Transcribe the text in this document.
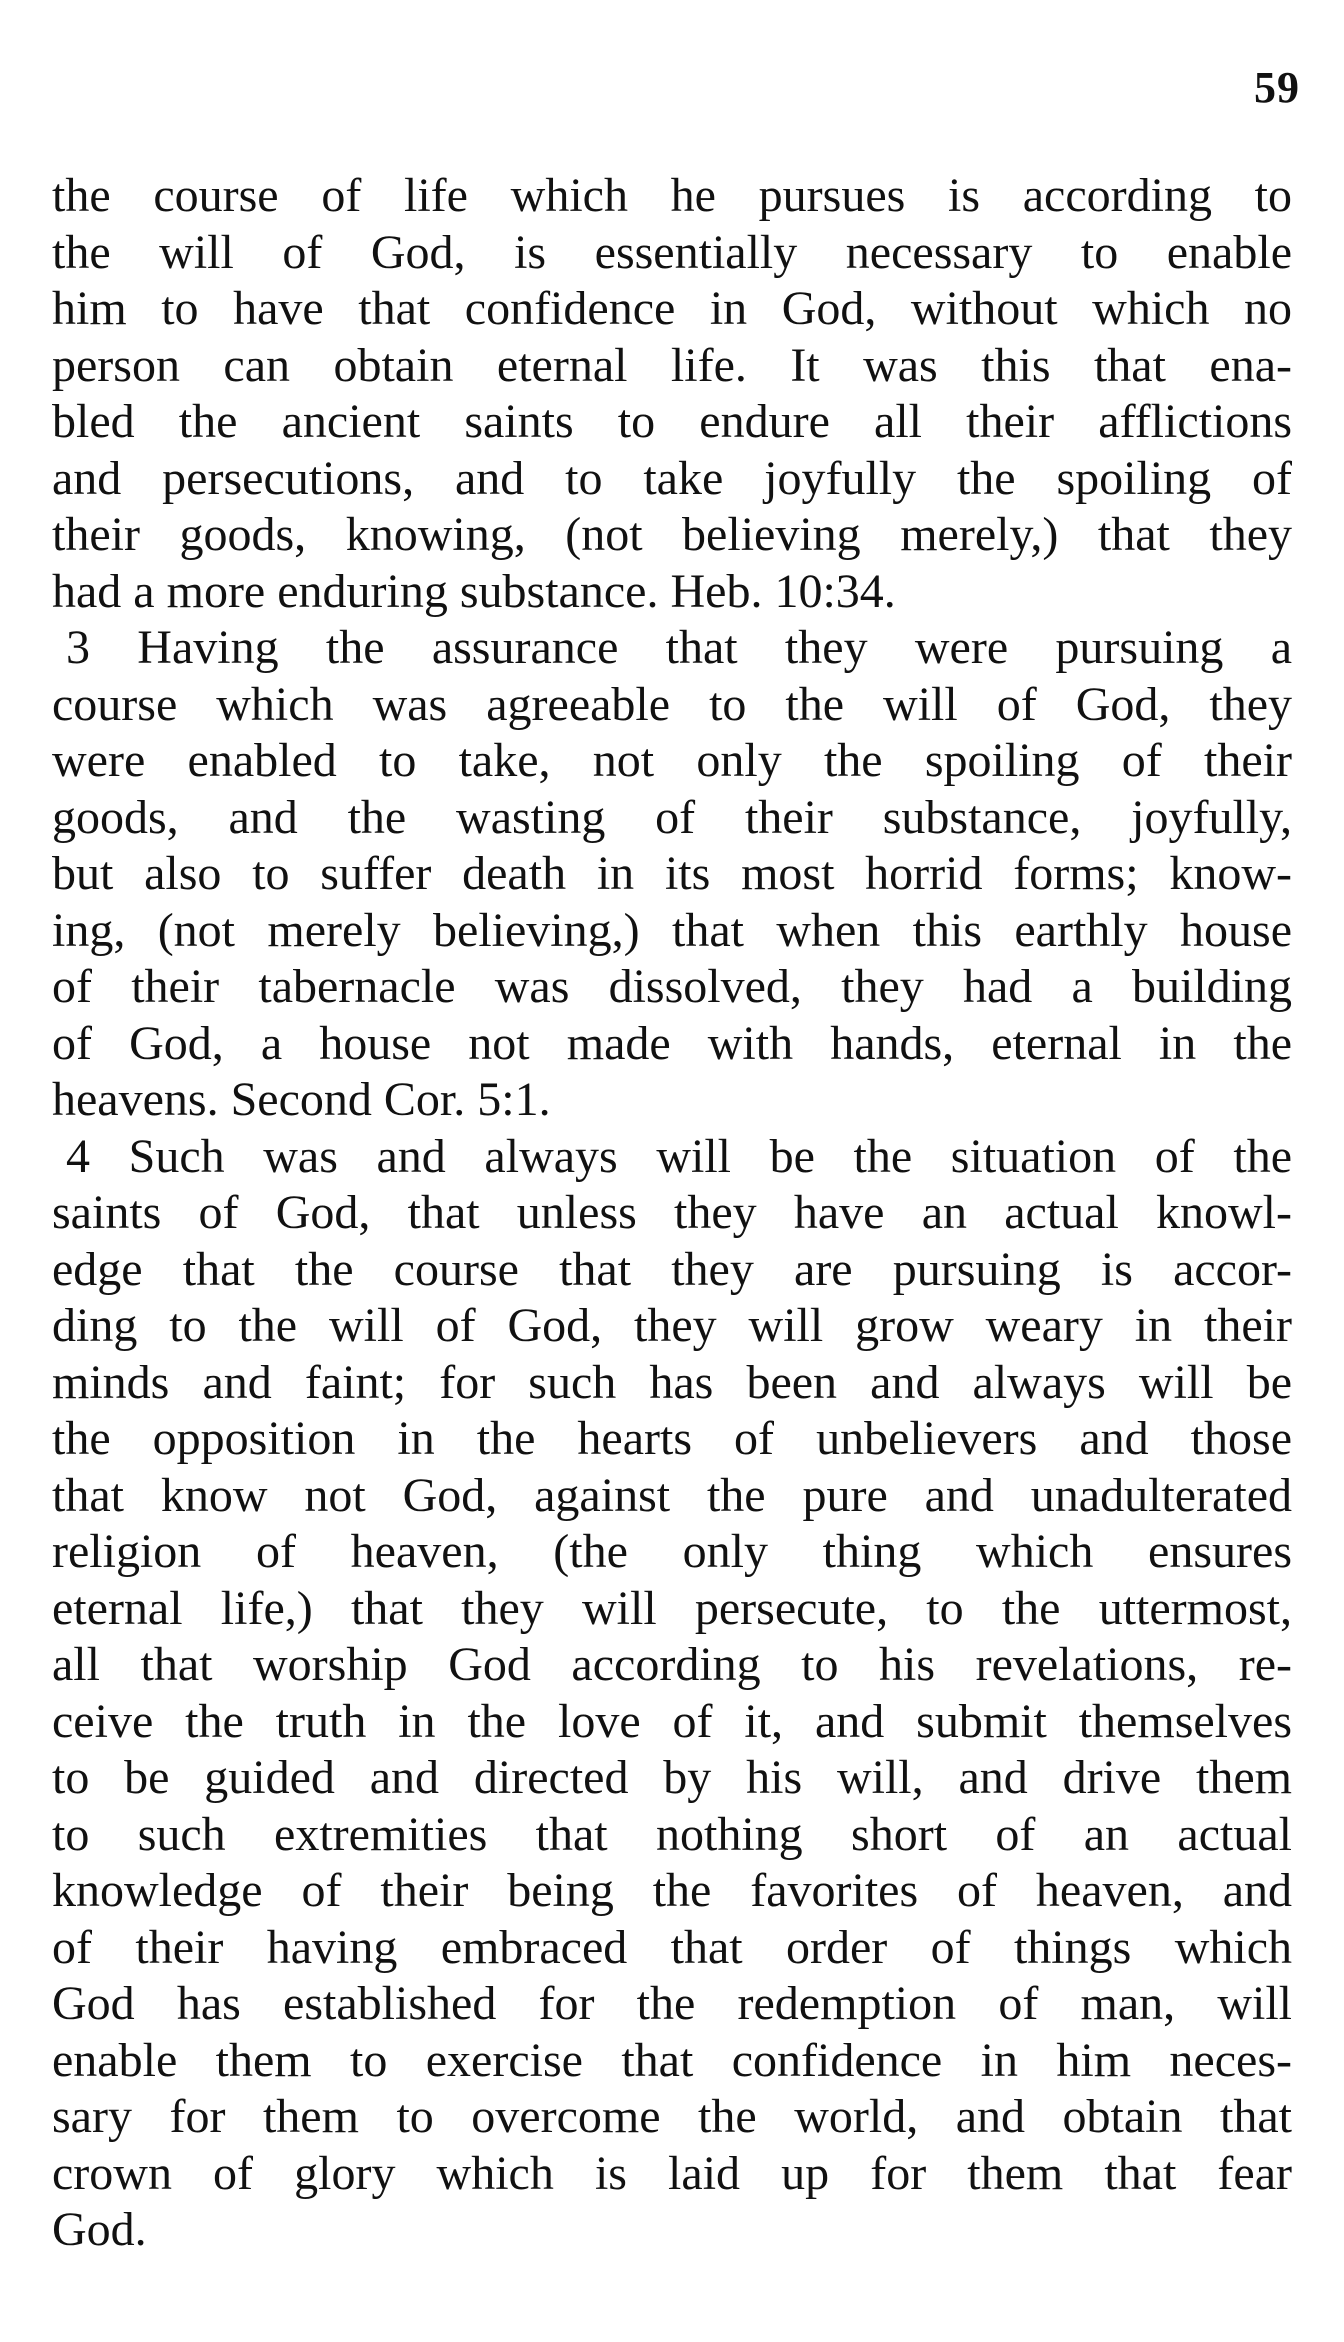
59
the course of life which he pursues is according to
the will of God, is essentially necessary to enable
him to have that confidence in God, without which no
person can obtain eternal life. It was this that ena-
bled the ancient saints to endure all their afflictions
and persecutions, and to take joyfully the spoiling of
their goods, knowing, (not believing merely,) that they
had a more enduring substance. Heb. 10:34.
3 Having the assurance that they were pursuing a
course which was agreeable to the will of God, they
were enabled to take, not only the spoiling of their
goods, and the wasting of their substance, joyfully,
but also to suffer death in its most horrid forms; know-
ing, (not merely believing,) that when this earthly house
of their tabernacle was dissolved, they had a building
of God, a house not made with hands, eternal in the
heavens. Second Cor. 5:1.
4 Such was and always will be the situation of the
saints of God, that unless they have an actual knowl-
edge that the course that they are pursuing is accor-
ding to the will of God, they will grow weary in their
minds and faint; for such has been and always will be
the opposition in the hearts of unbelievers and those
that know not God, against the pure and unadulterated
religion of heaven, (the only thing which ensures
eternal life,) that they will persecute, to the uttermost,
all that worship God according to his revelations, re-
ceive the truth in the love of it, and submit themselves
to be guided and directed by his will, and drive them
to such extremities that nothing short of an actual
knowledge of their being the favorites of heaven, and
of their having embraced that order of things which
God has established for the redemption of man, will
enable them to exercise that confidence in him neces-
sary for them to overcome the world, and obtain that
crown of glory which is laid up for them that fear
God.
